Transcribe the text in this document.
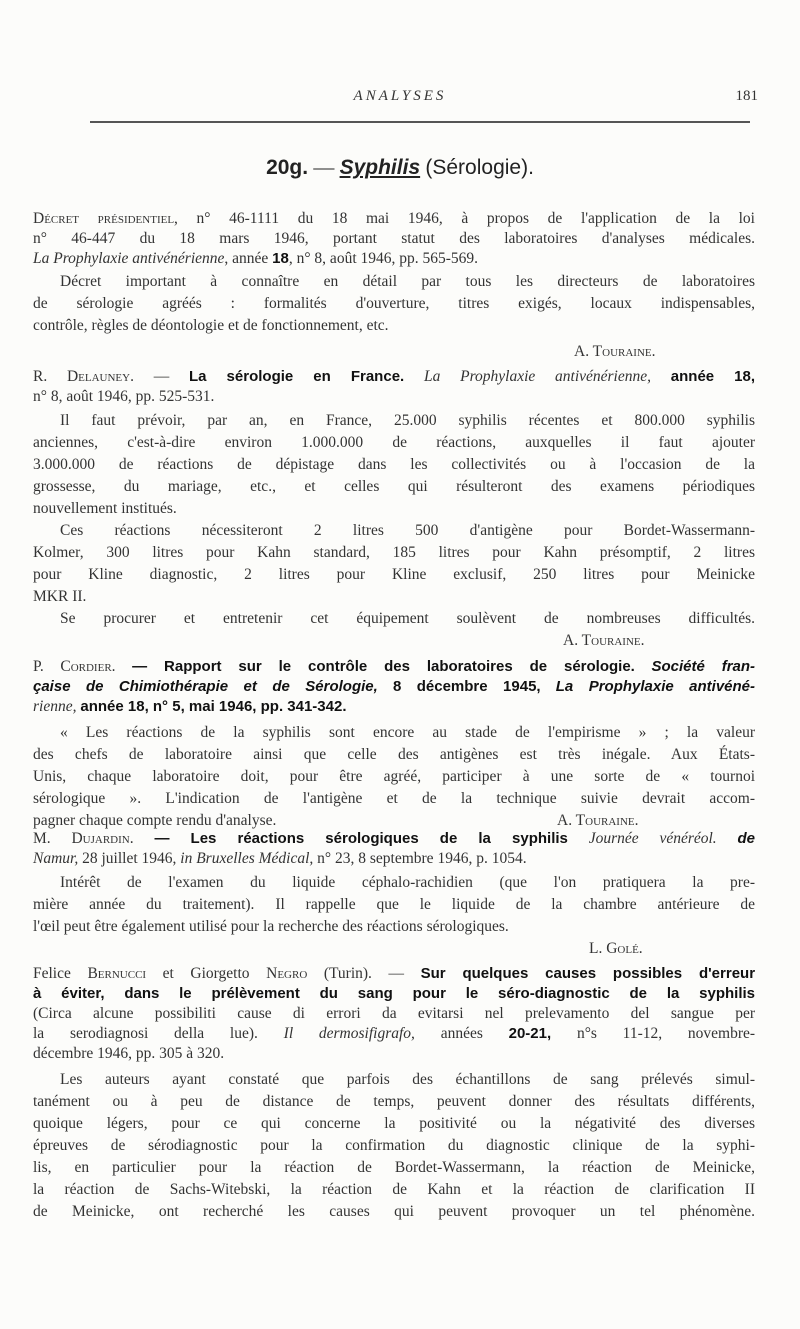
ANALYSES	181
20g. — Syphilis (Sérologie).
Décret présidentiel, n° 46-1111 du 18 mai 1946, à propos de l'application de la loi
n° 46-447 du 18 mars 1946, portant statut des laboratoires d'analyses médicales.
La Prophylaxie antivénérienne, année 18, n° 8, août 1946, pp. 565-569.
Décret important à connaître en détail par tous les directeurs de laboratoires
de sérologie agréés : formalités d'ouverture, titres exigés, locaux indispensables,
contrôle, règles de déontologie et de fonctionnement, etc.
A. Touraine.
R. Delauney. — La sérologie en France. La Prophylaxie antivénérienne, année 18,
n° 8, août 1946, pp. 525-531.
Il faut prévoir, par an, en France, 25.000 syphilis récentes et 800.000 syphilis
anciennes, c'est-à-dire environ 1.000.000 de réactions, auxquelles il faut ajouter
3.000.000 de réactions de dépistage dans les collectivités ou à l'occasion de la
grossesse, du mariage, etc., et celles qui résulteront des examens périodiques
nouvellement institués.
Ces réactions nécessiteront 2 litres 500 d'antigène pour Bordet-Wassermann-
Kolmer, 300 litres pour Kahn standard, 185 litres pour Kahn présomptif, 2 litres
pour Kline diagnostic, 2 litres pour Kline exclusif, 250 litres pour Meinicke
MKR II.
Se procurer et entretenir cet équipement soulèvent de nombreuses difficultés.
A. Touraine.
P. Cordier. — Rapport sur le contrôle des laboratoires de sérologie. Société fran-
çaise de Chimiothérapie et de Sérologie, 8 décembre 1945, La Prophylaxie antivéné-
rienne, année 18, n° 5, mai 1946, pp. 341-342.
« Les réactions de la syphilis sont encore au stade de l'empirisme » ; la valeur
des chefs de laboratoire ainsi que celle des antigènes est très inégale. Aux États-
Unis, chaque laboratoire doit, pour être agréé, participer à une sorte de « tournoi
sérologique ». L'indication de l'antigène et de la technique suivie devrait accom-
pagner chaque compte rendu d'analyse.	A. Touraine.
M. Dujardin. — Les réactions sérologiques de la syphilis Journée vénéréol. de
Namur, 28 juillet 1946, in Bruxelles Médical, n° 23, 8 septembre 1946, p. 1054.
Intérêt de l'examen du liquide céphalo-rachidien (que l'on pratiquera la pre-
mière année du traitement). Il rappelle que le liquide de la chambre antérieure de
l'œil peut être également utilisé pour la recherche des réactions sérologiques.
L. Golé.
Felice Bernucci et Giorgetto Negro (Turin). — Sur quelques causes possibles d'erreur
à éviter, dans le prélèvement du sang pour le séro-diagnostic de la syphilis
(Circa alcune possibiliti cause di errori da evitarsi nel prelevamento del sangue per
la serodiagnosi della lue). Il dermosifigrafo, années 20-21, n°s 11-12, novembre-
décembre 1946, pp. 305 à 320.
Les auteurs ayant constaté que parfois des échantillons de sang prélevés simul-
tanément ou à peu de distance de temps, peuvent donner des résultats différents,
quoique légers, pour ce qui concerne la positivité ou la négativité des diverses
épreuves de sérodiagnostic pour la confirmation du diagnostic clinique de la syphi-
lis, en particulier pour la réaction de Bordet-Wassermann, la réaction de Meinicke,
la réaction de Sachs-Witebski, la réaction de Kahn et la réaction de clarification II
de Meinicke, ont recherché les causes qui peuvent provoquer un tel phénomène.
